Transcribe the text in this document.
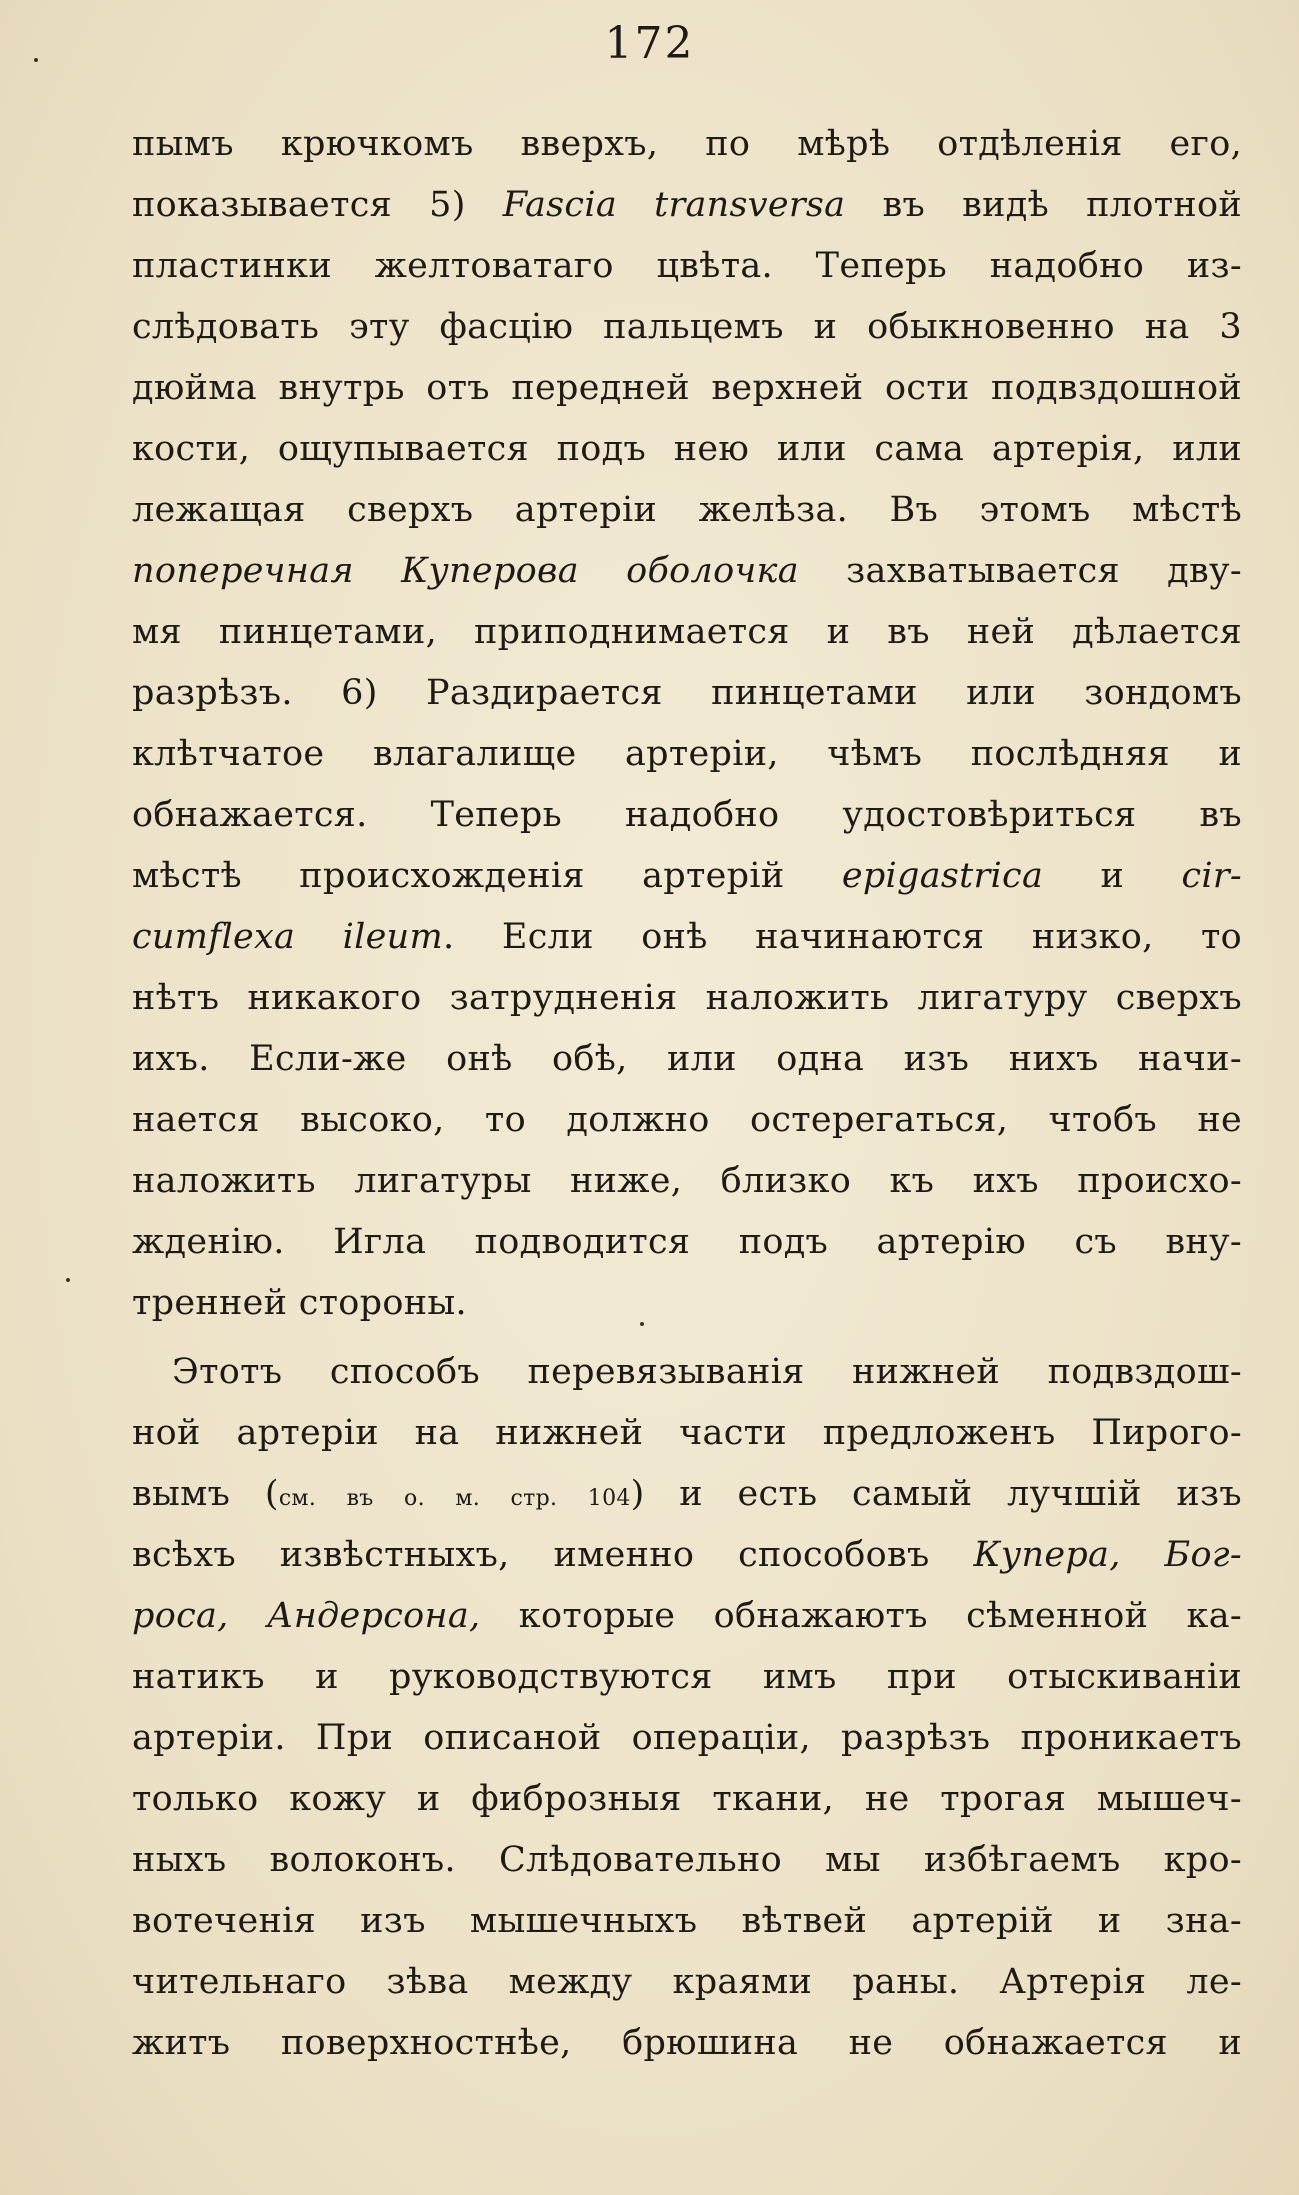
172
пымъ крючкомъ вверхъ, по мѣрѣ отдѣленія его,
показывается 5) Fascia transversa въ видѣ плотной
пластинки желтоватаго цвѣта. Теперь надобно из-
слѣдовать эту фасцію пальцемъ и обыкновенно на 3
дюйма внутрь отъ передней верхней ости подвздошной
кости, ощупывается подъ нею или сама артерія, или
лежащая сверхъ артеріи желѣза. Въ этомъ мѣстѣ
поперечная Куперова оболочка захватывается дву-
мя пинцетами, приподнимается и въ ней дѣлается
разрѣзъ. 6) Раздирается пинцетами или зондомъ
клѣтчатое влагалище артеріи, чѣмъ послѣдняя и
обнажается. Теперь надобно удостовѣриться въ
мѣстѣ происхожденія артерій epigastrica и cir-
cumflexa ileum. Если онѣ начинаются низко, то
нѣтъ никакого затрудненія наложить лигатуру сверхъ
ихъ. Если-же онѣ обѣ, или одна изъ нихъ начи-
нается высоко, то должно остерегаться, чтобъ не
наложить лигатуры ниже, близко къ ихъ происхо-
жденію. Игла подводится подъ артерію съ вну-
тренней стороны.
Этотъ способъ перевязыванія нижней подвздош-
ной артеріи на нижней части предложенъ Пирого-
вымъ (см. въ о. м. стр. 104) и есть самый лучшій изъ
всѣхъ извѣстныхъ, именно способовъ Купера, Бог-
роса, Андерсона, которые обнажаютъ сѣменной ка-
натикъ и руководствуются имъ при отыскиваніи
артеріи. При описаной операціи, разрѣзъ проникаетъ
только кожу и фиброзныя ткани, не трогая мышеч-
ныхъ волоконъ. Слѣдовательно мы избѣгаемъ кро-
вотеченія изъ мышечныхъ вѣтвей артерій и зна-
чительнаго зѣва между краями раны. Артерія ле-
житъ поверхностнѣе, брюшина не обнажается и
